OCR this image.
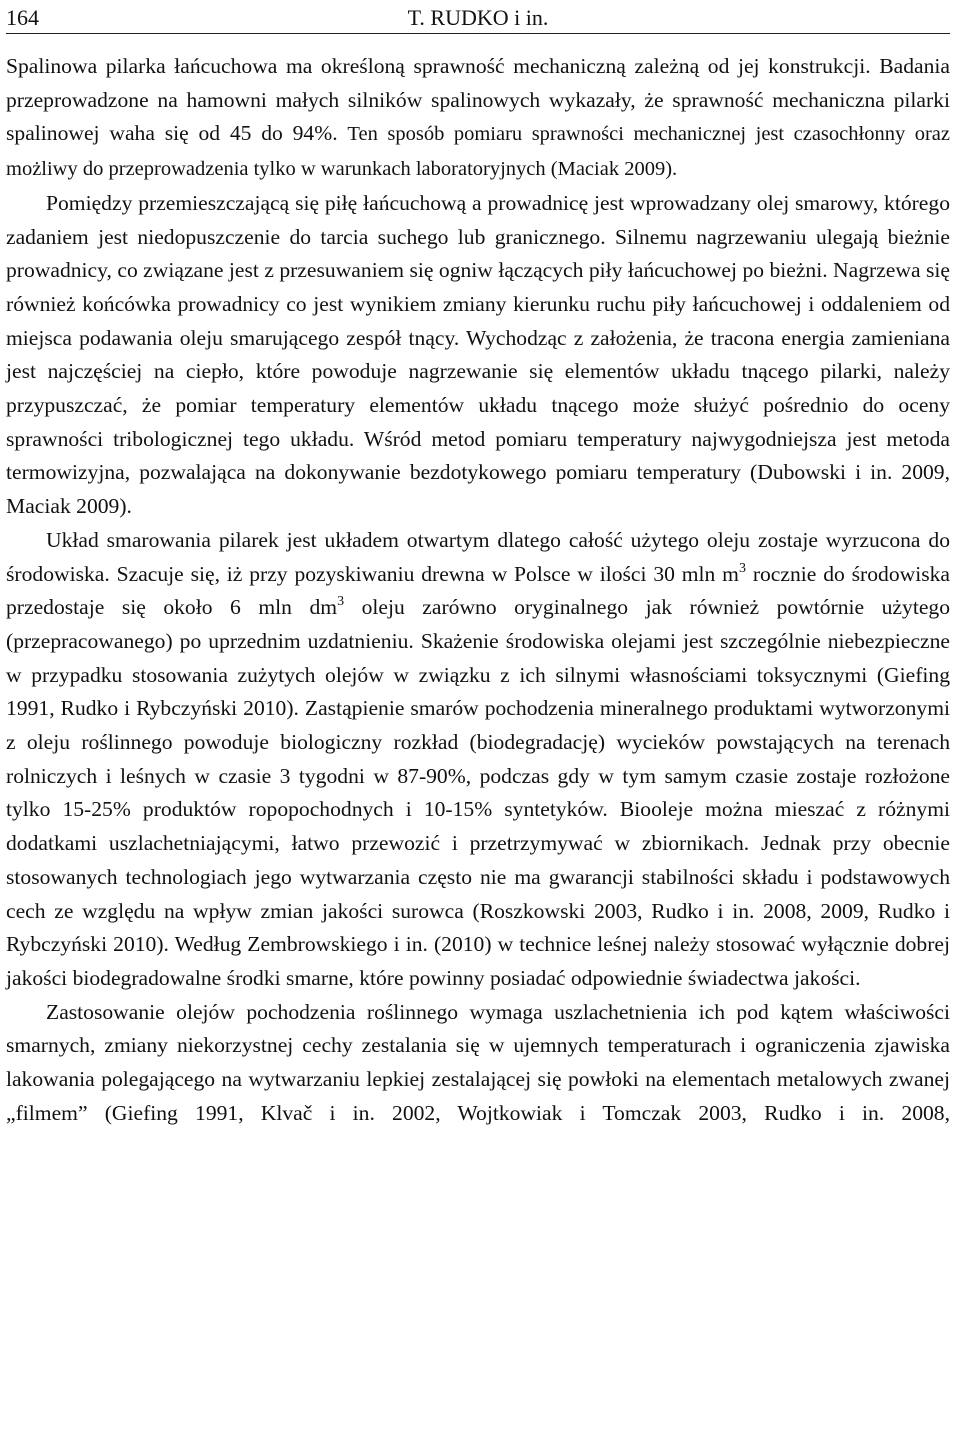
164	T. RUDKO i in.

Spalinowa pilarka łańcuchowa ma określoną sprawność mechaniczną zależną od jej konstrukcji. Badania przeprowadzone na hamowni małych silników spalinowych wykazały, że sprawność mechaniczna pilarki spalinowej waha się od 45 do 94%. Ten sposób pomiaru sprawności mechanicznej jest czasochłonny oraz możliwy do przeprowadzenia tylko w warunkach laboratoryjnych (Maciak 2009).

Pomiędzy przemieszczającą się piłę łańcuchową a prowadnicę jest wprowadzany olej smarowy, którego zadaniem jest niedopuszczenie do tarcia suchego lub granicznego. Silnemu nagrzewaniu ulegają bieżnie prowadnicy, co związane jest z przesuwaniem się ogniw łączących piły łańcuchowej po bieżni. Nagrzewa się również końcówka prowadnicy co jest wynikiem zmiany kierunku ruchu piły łańcuchowej i oddaleniem od miejsca podawania oleju smarującego zespół tnący. Wychodząc z założenia, że tracona energia zamieniana jest najczęściej na ciepło, które powoduje nagrzewanie się elementów układu tnącego pilarki, należy przypuszczać, że pomiar temperatury elementów układu tnącego może służyć pośrednio do oceny sprawności tribologicznej tego układu. Wśród metod pomiaru temperatury najwygodniejsza jest metoda termowizyjna, pozwalająca na dokonywanie bezdotykowego pomiaru temperatury (Dubowski i in. 2009, Maciak 2009).

Układ smarowania pilarek jest układem otwartym dlatego całość użytego oleju zostaje wyrzucona do środowiska. Szacuje się, iż przy pozyskiwaniu drewna w Polsce w ilości 30 mln $m^3$ rocznie do środowiska przedostaje się około 6 mln $dm^3$ oleju zarówno oryginalnego jak również powtórnie użytego (przepracowanego) po uprzednim uzdatnieniu. Skażenie środowiska olejami jest szczególnie niebezpieczne w przypadku stosowania zużytych olejów w związku z ich silnymi własnościami toksycznymi (Giefing 1991, Rudko i Rybczyński 2010). Zastąpienie smarów pochodzenia mineralnego produktami wytworzonymi z oleju roślinnego powoduje biologiczny rozkład (biodegradację) wycieków powstających na terenach rolniczych i leśnych w czasie 3 tygodni w 87-90%, podczas gdy w tym samym czasie zostaje rozłożone tylko 15-25% produktów ropopochodnych i 10-15% syntetyków. Biooleje można mieszać z różnymi dodatkami uszlachetniającymi, łatwo przewozić i przetrzymywać w zbiornikach. Jednak przy obecnie stosowanych technologiach jego wytwarzania często nie ma gwarancji stabilności składu i podstawowych cech ze względu na wpływ zmian jakości surowca (Roszkowski 2003, Rudko i in. 2008, 2009, Rudko i Rybczyński 2010). Według Zembrowskiego i in. (2010) w technice leśnej należy stosować wyłącznie dobrej jakości biodegradowalne środki smarne, które powinny posiadać odpowiednie świadectwa jakości.

Zastosowanie olejów pochodzenia roślinnego wymaga uszlachetnienia ich pod kątem właściwości smarnych, zmiany niekorzystnej cechy zestalania się w ujemnych temperaturach i ograniczenia zjawiska lakowania polegającego na wytwarzaniu lepkiej zestalającej się powłoki na elementach metalowych zwanej „filmem” (Giefing 1991, Klvač i in. 2002, Wojtkowiak i Tomczak 2003, Rudko i in. 2008,
